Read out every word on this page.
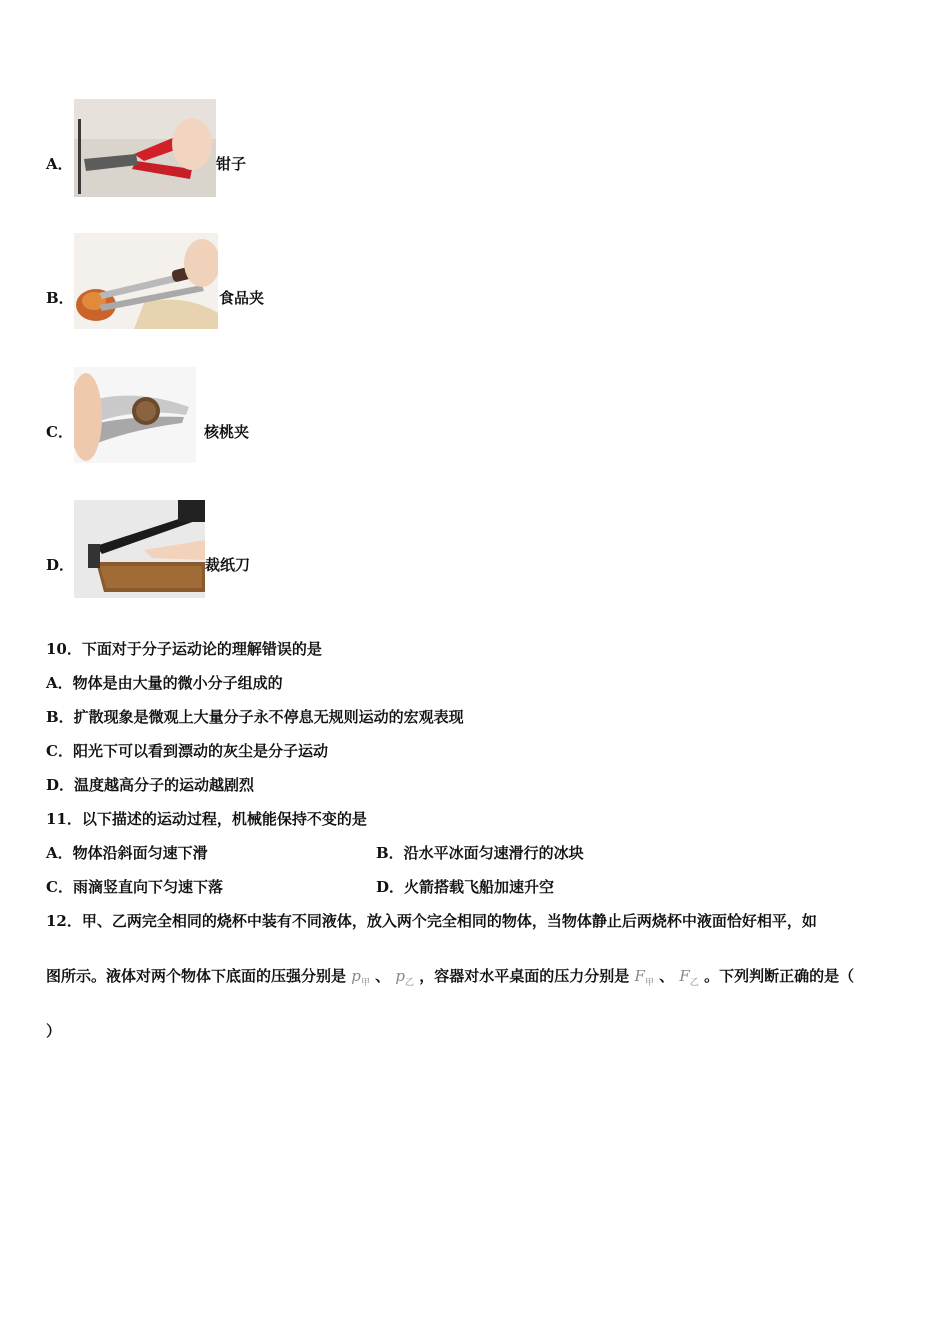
A．	钳子
B．	食品夹
C．	核桃夹
D．	裁纸刀
10．下面对于分子运动论的理解错误的是
A．物体是由大量的微小分子组成的
B．扩散现象是微观上大量分子永不停息无规则运动的宏观表现
C．阳光下可以看到漂动的灰尘是分子运动
D．温度越高分子的运动越剧烈
11．以下描述的运动过程，机械能保持不变的是
A．物体沿斜面匀速下滑	B．沿水平冰面匀速滑行的冰块
C．雨滴竖直向下匀速下落	D．火箭搭载飞船加速升空
12．甲、乙两完全相同的烧杯中装有不同液体，放入两个完全相同的物体，当物体静止后两烧杯中液面恰好相平，如
图所示。液体对两个物体下底面的压强分别是 $p_甲$ 、 $p_乙$ ，容器对水平桌面的压力分别是 $F_甲$ 、 $F_乙$ 。下列判断正确的是（
）
